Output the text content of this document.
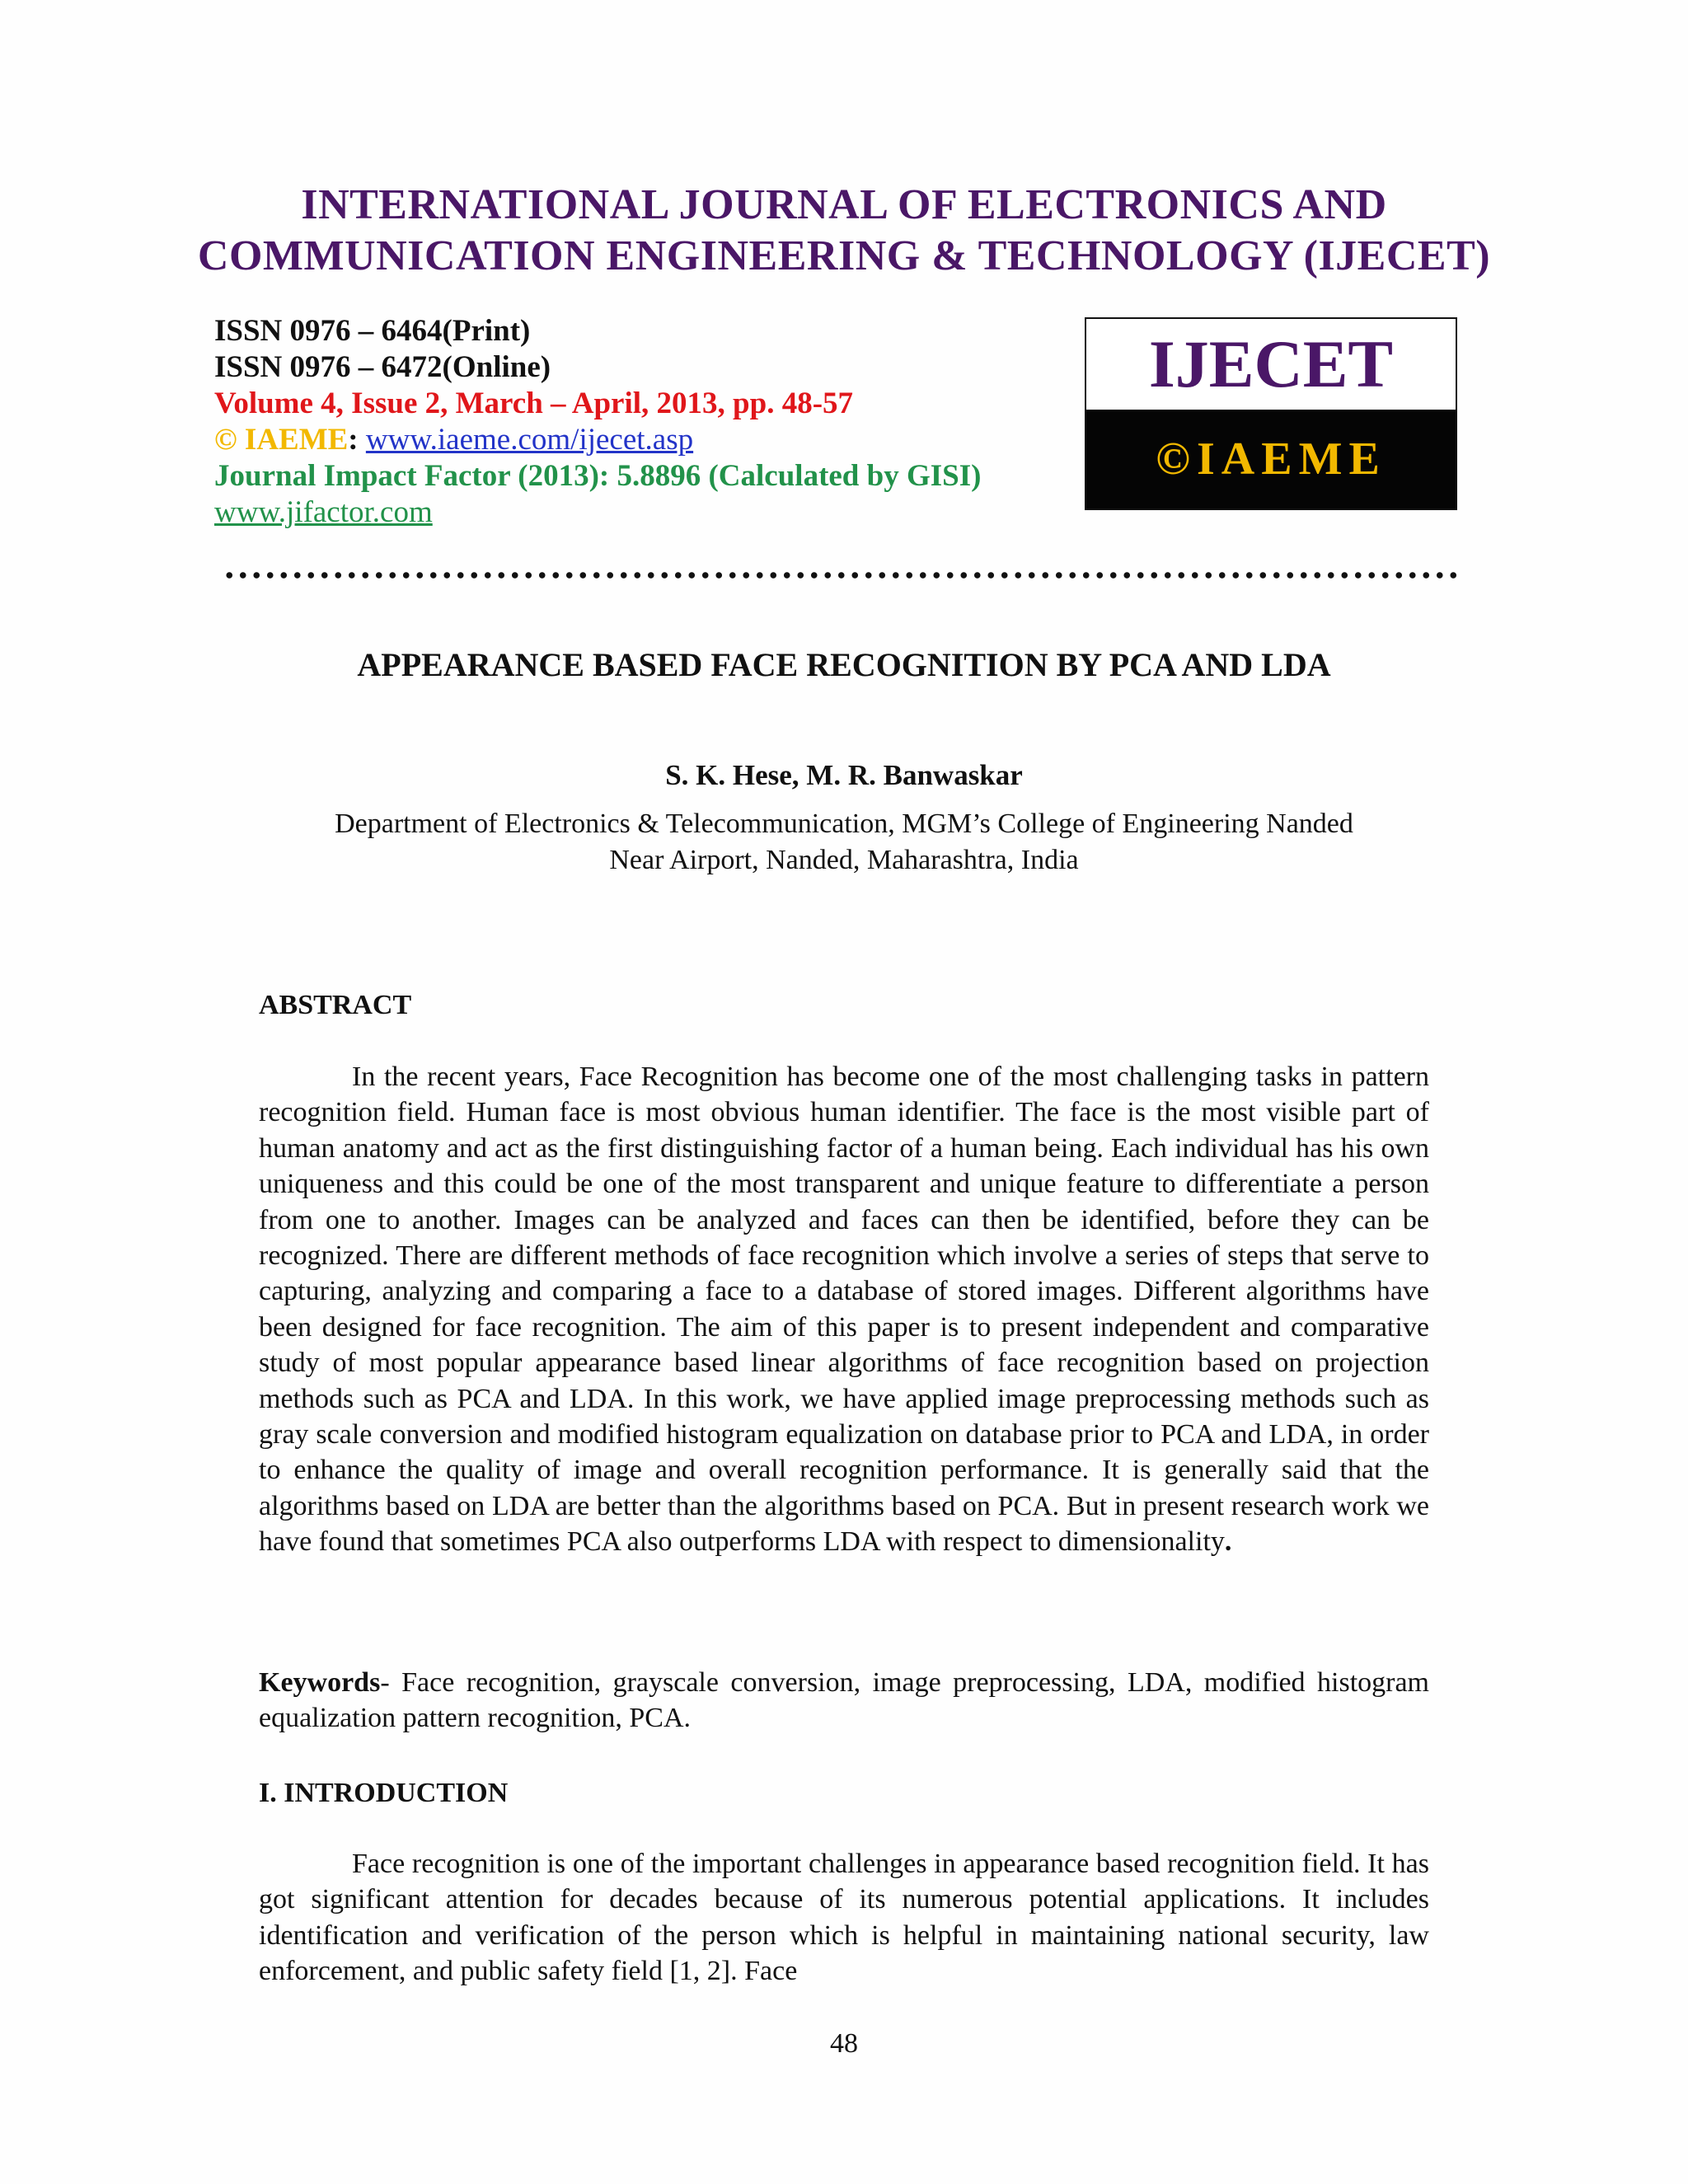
INTERNATIONAL JOURNAL OF ELECTRONICS AND
COMMUNICATION ENGINEERING & TECHNOLOGY (IJECET)
ISSN 0976 – 6464(Print)
ISSN 0976 – 6472(Online)
Volume 4, Issue 2, March – April, 2013, pp. 48-57
© IAEME: www.iaeme.com/ijecet.asp
Journal Impact Factor (2013): 5.8896 (Calculated by GISI)
www.jifactor.com
IJECET
©IAEME
APPEARANCE BASED FACE RECOGNITION BY PCA AND LDA
S. K. Hese, M. R. Banwaskar
Department of Electronics & Telecommunication, MGM’s College of Engineering Nanded
Near Airport, Nanded, Maharashtra, India

ABSTRACT

In the recent years, Face Recognition has become one of the most challenging tasks in pattern recognition field. Human face is most obvious human identifier. The face is the most visible part of human anatomy and act as the first distinguishing factor of a human being. Each individual has his own uniqueness and this could be one of the most transparent and unique feature to differentiate a person from one to another. Images can be analyzed and faces can then be identified, before they can be recognized. There are different methods of face recognition which involve a series of steps that serve to capturing, analyzing and comparing a face to a database of stored images. Different algorithms have been designed for face recognition. The aim of this paper is to present independent and comparative study of most popular appearance based linear algorithms of face recognition based on projection methods such as PCA and LDA. In this work, we have applied image preprocessing methods such as gray scale conversion and modified histogram equalization on database prior to PCA and LDA, in order to enhance the quality of image and overall recognition performance. It is generally said that the algorithms based on LDA are better than the algorithms based on PCA. But in present research work we have found that sometimes PCA also outperforms LDA with respect to dimensionality.

Keywords- Face recognition, grayscale conversion, image preprocessing, LDA, modified histogram equalization pattern recognition, PCA.

I. INTRODUCTION

Face recognition is one of the important challenges in appearance based recognition field. It has got significant attention for decades because of its numerous potential applications. It includes identification and verification of the person which is helpful in maintaining national security, law enforcement, and public safety field [1, 2]. Face

48
